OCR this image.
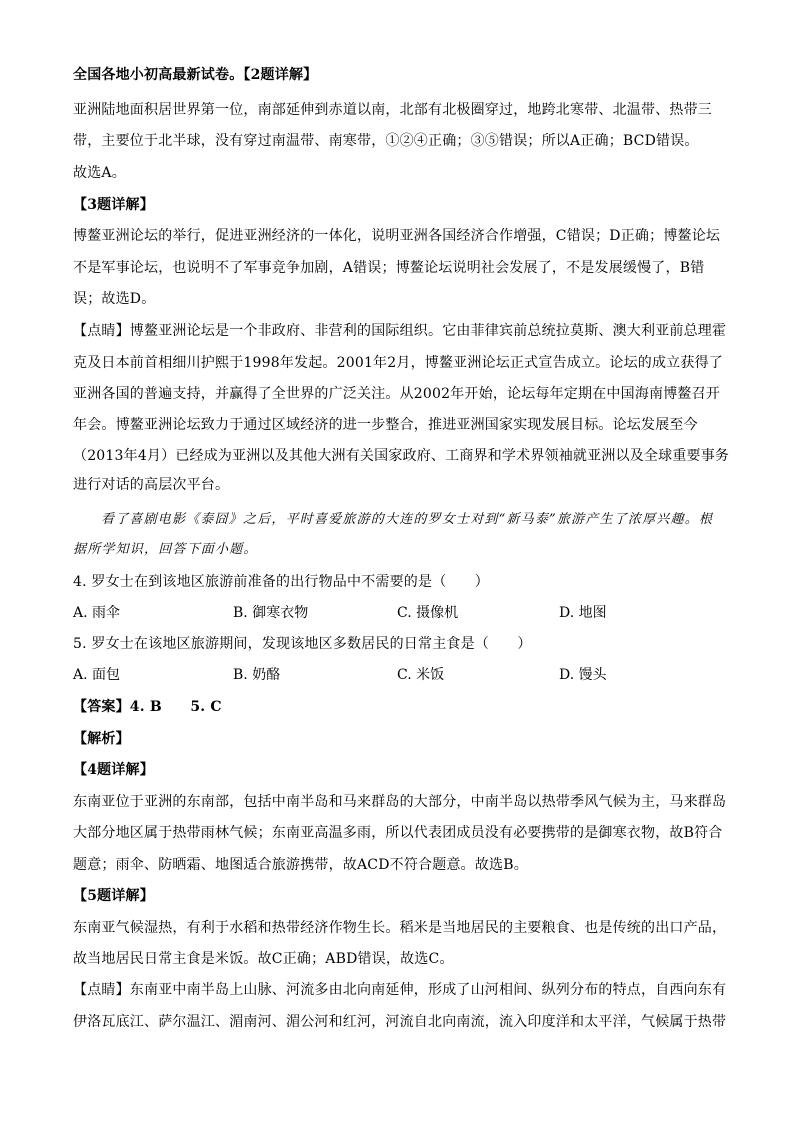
全国各地小初高最新试卷。【2题详解】
亚洲陆地面积居世界第一位，南部延伸到赤道以南，北部有北极圈穿过，地跨北寒带、北温带、热带三
带，主要位于北半球，没有穿过南温带、南寒带，①②④正确；③⑤错误；所以A正确；BCD错误。
故选A。
【3题详解】
博鳌亚洲论坛的举行，促进亚洲经济的一体化，说明亚洲各国经济合作增强，C错误；D正确；博鳌论坛
不是军事论坛，也说明不了军事竞争加剧，A错误；博鳌论坛说明社会发展了，不是发展缓慢了，B错
误；故选D。
【点睛】博鳌亚洲论坛是一个非政府、非营利的国际组织。它由菲律宾前总统拉莫斯、澳大利亚前总理霍
克及日本前首相细川护熙于1998年发起。2001年2月，博鳌亚洲论坛正式宣告成立。论坛的成立获得了
亚洲各国的普遍支持，并赢得了全世界的广泛关注。从2002年开始，论坛每年定期在中国海南博鳌召开
年会。博鳌亚洲论坛致力于通过区域经济的进一步整合，推进亚洲国家实现发展目标。论坛发展至今
（2013年4月）已经成为亚洲以及其他大洲有关国家政府、工商界和学术界领袖就亚洲以及全球重要事务
进行对话的高层次平台。
看了喜剧电影《泰囧》之后，平时喜爱旅游的大连的罗女士对到“新马泰”旅游产生了浓厚兴趣。根
据所学知识，回答下面小题。
4. 罗女士在到该地区旅游前准备的出行物品中不需要的是（　　）
A. 雨伞	B. 御寒衣物	C. 摄像机	D. 地图
5. 罗女士在该地区旅游期间，发现该地区多数居民的日常主食是（　　）
A. 面包	B. 奶酪	C. 米饭	D. 馒头
【答案】4. B　　5. C
【解析】
【4题详解】
东南亚位于亚洲的东南部，包括中南半岛和马来群岛的大部分，中南半岛以热带季风气候为主，马来群岛
大部分地区属于热带雨林气候；东南亚高温多雨，所以代表团成员没有必要携带的是御寒衣物，故B符合
题意；雨伞、防晒霜、地图适合旅游携带，故ACD不符合题意。故选B。
【5题详解】
东南亚气候湿热，有利于水稻和热带经济作物生长。稻米是当地居民的主要粮食、也是传统的出口产品，
故当地居民日常主食是米饭。故C正确；ABD错误，故选C。
【点睛】东南亚中南半岛上山脉、河流多由北向南延伸，形成了山河相间、纵列分布的特点，自西向东有
伊洛瓦底江、萨尔温江、湄南河、湄公河和红河，河流自北向南流，流入印度洋和太平洋，气候属于热带
